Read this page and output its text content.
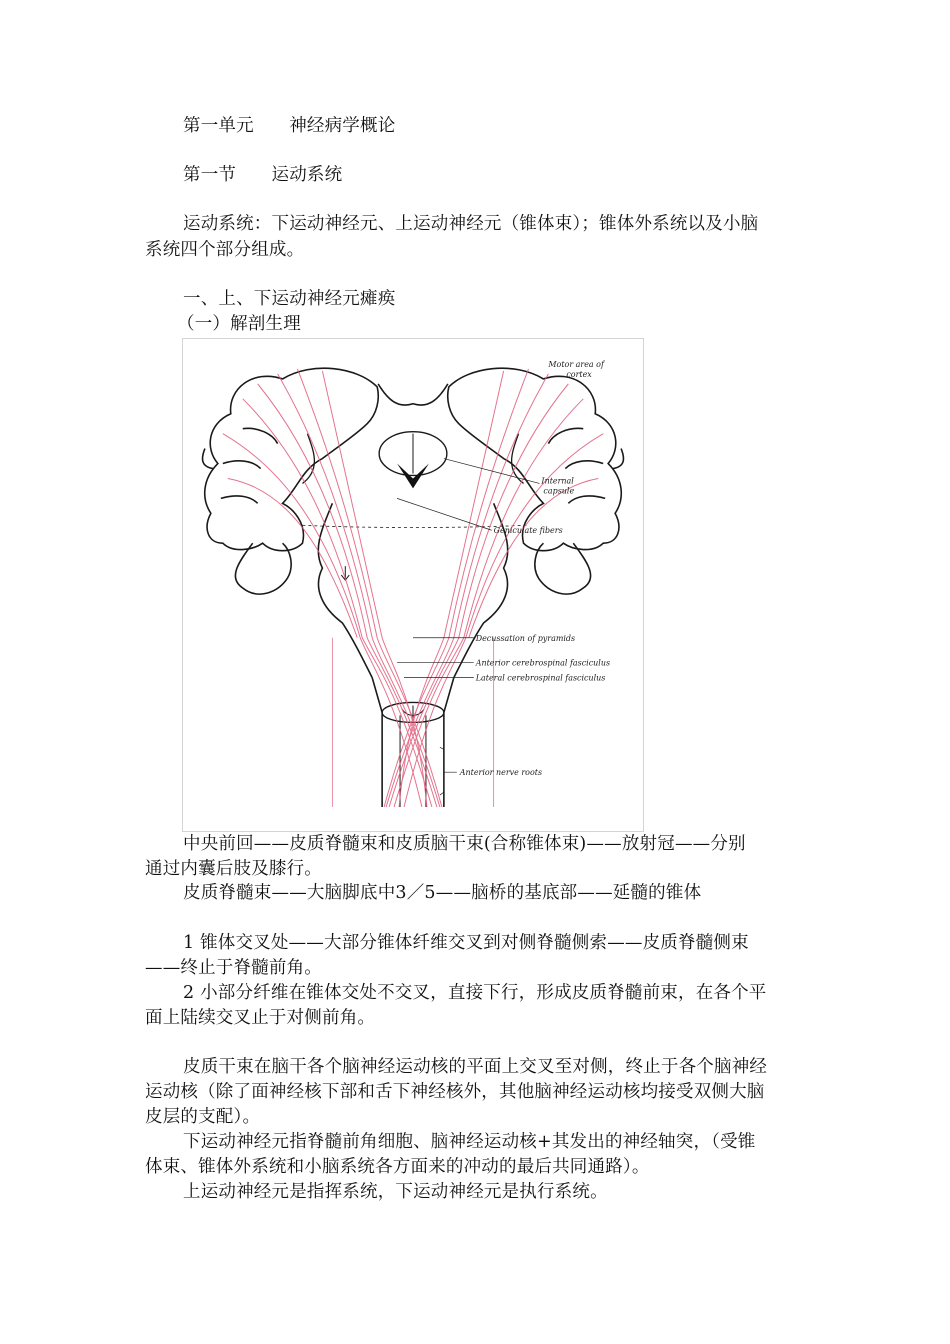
第一单元　　神经病学概论
第一节　　运动系统
运动系统：下运动神经元、上运动神经元（锥体束）；锥体外系统以及小脑
系统四个部分组成。
一、上、下运动神经元瘫痪
（一）解剖生理
Motor area of
cortex
Internal
capsule
Geniculate fibers
Decussation of pyramids
Anterior cerebrospinal fasciculus
Lateral cerebrospinal fasciculus
Anterior nerve roots
中央前回——皮质脊髓束和皮质脑干束(合称锥体束)——放射冠——分别
通过内囊后肢及膝行。
皮质脊髓束——大脑脚底中3／5——脑桥的基底部——延髓的锥体
1 锥体交叉处——大部分锥体纤维交叉到对侧脊髓侧索——皮质脊髓侧束
——终止于脊髓前角。
2 小部分纤维在锥体交处不交叉，直接下行，形成皮质脊髓前束，在各个平
面上陆续交叉止于对侧前角。
皮质干束在脑干各个脑神经运动核的平面上交叉至对侧，终止于各个脑神经
运动核（除了面神经核下部和舌下神经核外，其他脑神经运动核均接受双侧大脑
皮层的支配）。
下运动神经元指脊髓前角细胞、脑神经运动核+其发出的神经轴突，（受锥
体束、锥体外系统和小脑系统各方面来的冲动的最后共同通路）。
上运动神经元是指挥系统，下运动神经元是执行系统。
